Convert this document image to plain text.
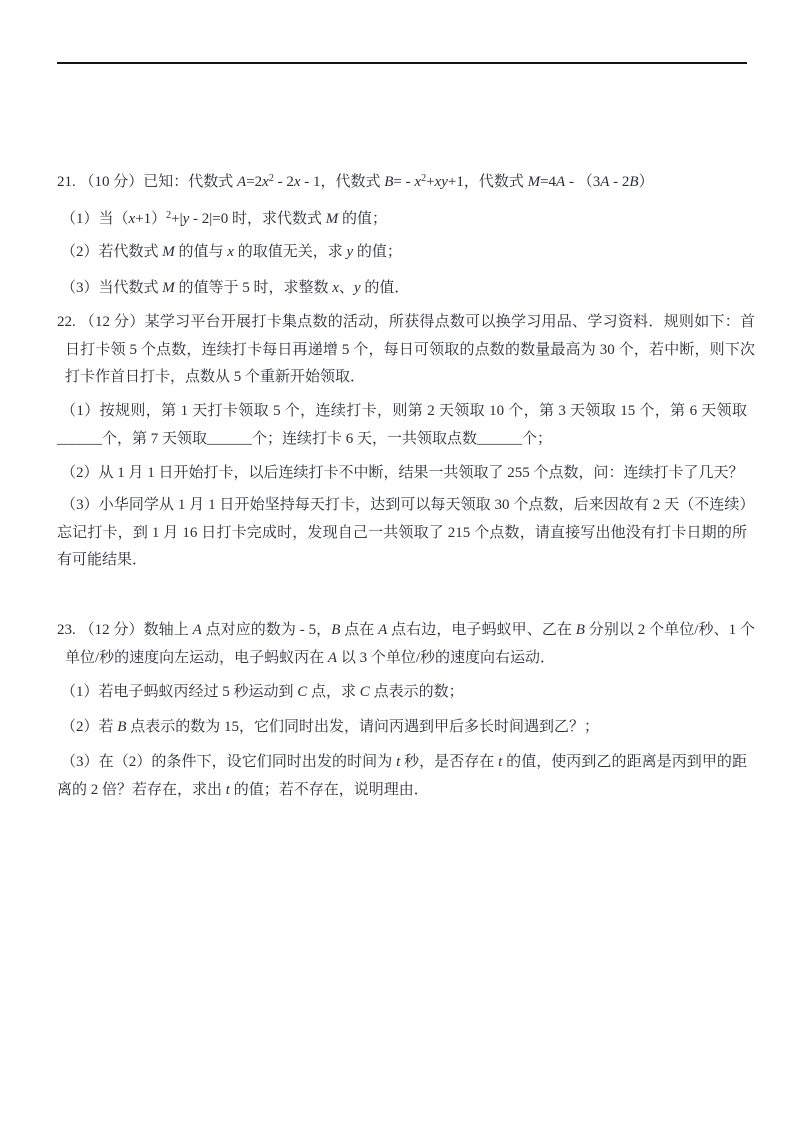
21. （10 分）已知：代数式 $A=2x^2 - 2x - 1$，代数式 $B= - x^2+xy+1$，代数式 M=4A - （3A - 2B）

（1）当$(x+1)^2+|y - 2|=0$ 时，求代数式 M 的值；

（2）若代数式 M 的值与 x 的取值无关，求 y 的值；

（3）当代数式 M 的值等于 5 时，求整数 x、y 的值．

22. （12 分）某学习平台开展打卡集点数的活动，所获得点数可以换学习用品、学习资料．规则如下：首日打卡领 5 个点数，连续打卡每日再递增 5 个，每日可领取的点数的数量最高为 30 个，若中断，则下次打卡作首日打卡，点数从 5 个重新开始领取．

（1）按规则，第 1 天打卡领取 5 个，连续打卡，则第 2 天领取 10 个，第 3 天领取 15 个，第 6 天领取______个，第 7 天领取______个；连续打卡 6 天，一共领取点数______个；

（2）从 1 月 1 日开始打卡，以后连续打卡不中断，结果一共领取了 255 个点数，问：连续打卡了几天？

（3）小华同学从 1 月 1 日开始坚持每天打卡，达到可以每天领取 30 个点数，后来因故有 2 天（不连续）忘记打卡，到 1 月 16 日打卡完成时，发现自己一共领取了 215 个点数，请直接写出他没有打卡日期的所有可能结果．

23. （12 分）数轴上 A 点对应的数为 - 5，B 点在 A 点右边，电子蚂蚁甲、乙在 B 分别以 2 个单位/秒、1 个单位/秒的速度向左运动，电子蚂蚁丙在 A 以 3 个单位/秒的速度向右运动．

（1）若电子蚂蚁丙经过 5 秒运动到 C 点，求 C 点表示的数；

（2）若 B 点表示的数为 15，它们同时出发，请问丙遇到甲后多长时间遇到乙？；

（3）在（2）的条件下，设它们同时出发的时间为 t 秒，是否存在 t 的值，使丙到乙的距离是丙到甲的距离的 2 倍？若存在，求出 t 的值；若不存在，说明理由．
